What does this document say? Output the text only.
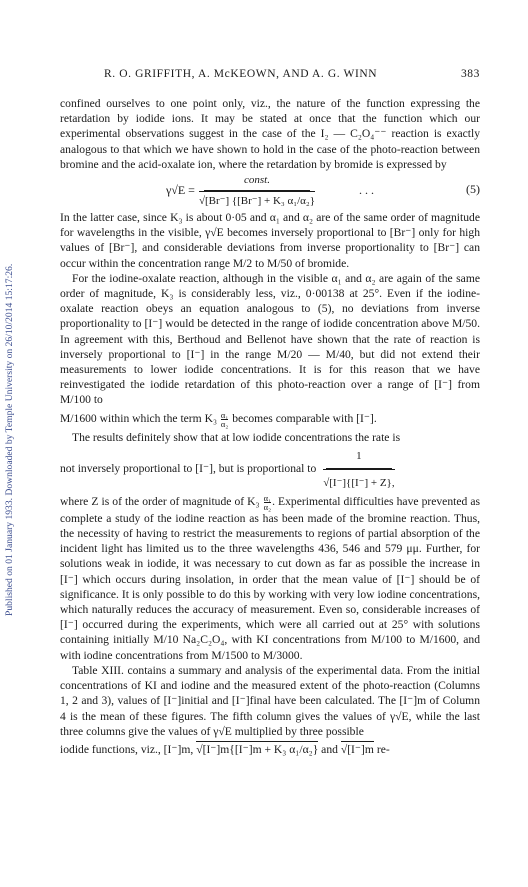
Published on 01 January 1933. Downloaded by Temple University on 26/10/2014 15:17:26.
R. O. GRIFFITH, A. McKEOWN, AND A. G. WINN	383

confined ourselves to one point only, viz., the nature of the function expressing the retardation by iodide ions. It may be stated at once that the function which our experimental observations suggest in the case of the I₂ — C₂O₄⁻⁻ reaction is exactly analogous to that which we have shown to hold in the case of the photo-reaction between bromine and the acid-oxalate ion, where the retardation by bromide is expressed by

$\gamma√E = \frac{\text{const.}}{\text{√[Br⁻] \{[Br⁻] + K₃ α₁/α₂\}}}$	. . .	(5)

In the latter case, since K₃ is about 0·05 and α₁ and α₂ are of the same order of magnitude for wavelengths in the visible, γ√E becomes inversely proportional to [Br⁻] only for high values of [Br⁻], and considerable deviations from inverse proportionality to [Br⁻] can occur within the concentration range M/2 to M/50 of bromide.

For the iodine-oxalate reaction, although in the visible α₁ and α₂ are again of the same order of magnitude, K₃ is considerably less, viz., 0·00138 at 25°. Even if the iodine-oxalate reaction obeys an equation analogous to (5), no deviations from inverse proportionality to [I⁻] would be detected in the range of iodide concentration above M/50. In agreement with this, Berthoud and Bellenot have shown that the rate of reaction is inversely proportional to [I⁻] in the range M/20 — M/40, but did not extend their measurements to lower iodide concentrations. It is for this reason that we have reinvestigated the iodide retardation of this photo-reaction over a range of [I⁻] from M/100 to

M/1600 within which the term $K_3 \frac{\text{α₁}}{\text{α₂}}$ becomes comparable with [I⁻].

The results definitely show that at low iodide concentrations the rate is

not inversely proportional to [I⁻], but is proportional to $\frac{1}{√[I^-]\{[I^-] + Z\},}$

where Z is of the order of magnitude of $K_3 \frac{\text{α₁}}{\text{α₂}}$ . Experimental difficulties have prevented as complete a study of the iodine reaction as has been made of the bromine reaction. Thus, the necessity of having to restrict the measurements to regions of partial absorption of the incident light has limited us to the three wavelengths 436, 546 and 579 μμ. Further, for solutions weak in iodide, it was necessary to cut down as far as possible the increase in [I⁻] which occurs during insolation, in order that the mean value of [I⁻] should be of significance. It is only possible to do this by working with very low iodine concentrations, which naturally reduces the accuracy of measurement. Even so, considerable increases of [I⁻] occurred during the experiments, which were all carried out at 25° with solutions containing initially M/10 Na₂C₂O₄, with KI concentrations from M/100 to M/1600, and with iodine concentrations from M/1500 to M/3000.

Table XIII. contains a summary and analysis of the experimental data. From the initial concentrations of KI and iodine and the measured extent of the photo-reaction (Columns 1, 2 and 3), values of [I⁻]initial and [I⁻]final have been calculated. The [I⁻]m of Column 4 is the mean of these figures. The fifth column gives the values of γ√E, while the last three columns give the values of γ√E multiplied by three possible

iodide functions, viz., [I⁻]m, √[I⁻]m{[I⁻]m + K₃ α₁/α₂} and √[I⁻]m re-
